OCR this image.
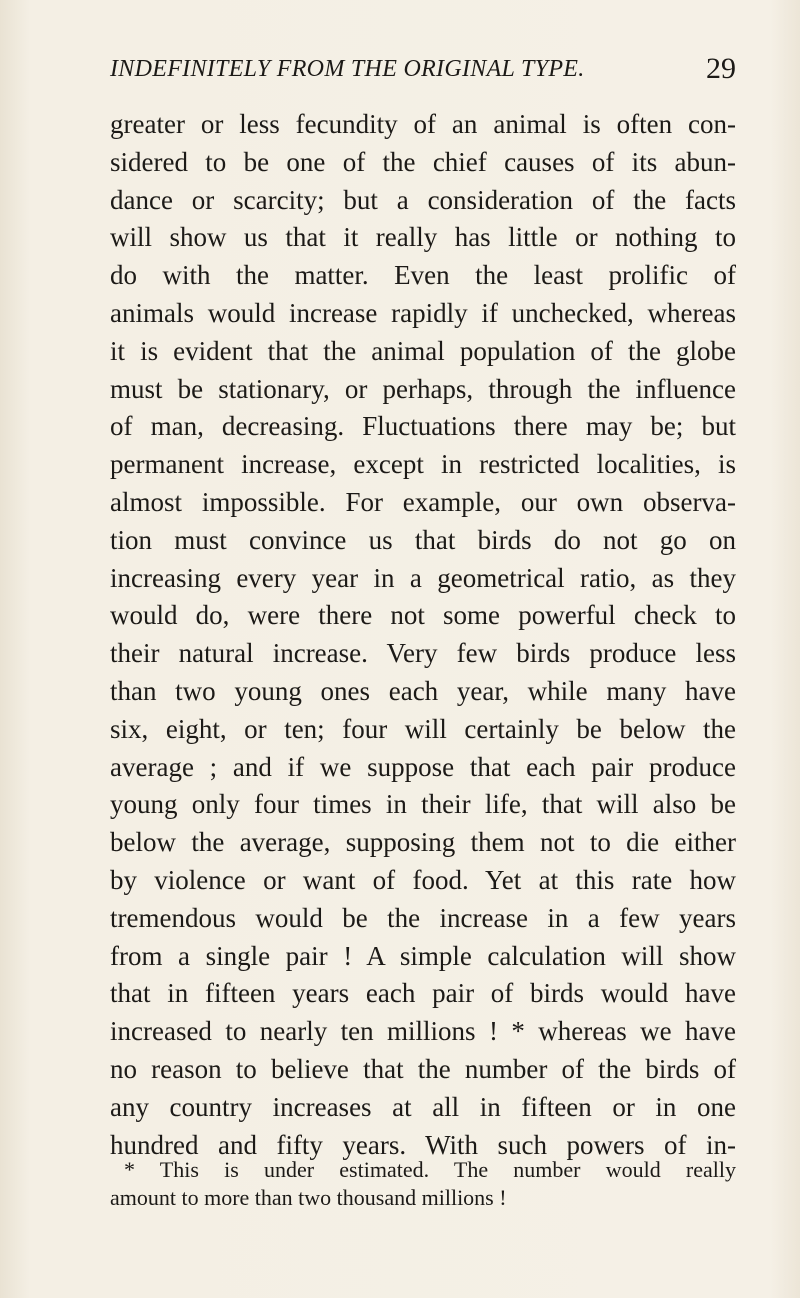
INDEFINITELY FROM THE ORIGINAL TYPE.	29
greater or less fecundity of an animal is often con-
sidered to be one of the chief causes of its abun-
dance or scarcity; but a consideration of the facts
will show us that it really has little or nothing to
do with the matter. Even the least prolific of
animals would increase rapidly if unchecked, whereas
it is evident that the animal population of the globe
must be stationary, or perhaps, through the influence
of man, decreasing. Fluctuations there may be; but
permanent increase, except in restricted localities, is
almost impossible. For example, our own observa-
tion must convince us that birds do not go on
increasing every year in a geometrical ratio, as they
would do, were there not some powerful check to
their natural increase. Very few birds produce less
than two young ones each year, while many have
six, eight, or ten; four will certainly be below the
average ; and if we suppose that each pair produce
young only four times in their life, that will also be
below the average, supposing them not to die either
by violence or want of food. Yet at this rate how
tremendous would be the increase in a few years
from a single pair ! A simple calculation will show
that in fifteen years each pair of birds would have
increased to nearly ten millions ! * whereas we have
no reason to believe that the number of the birds of
any country increases at all in fifteen or in one
hundred and fifty years. With such powers of in-
* This is under estimated. The number would really
amount to more than two thousand millions !
